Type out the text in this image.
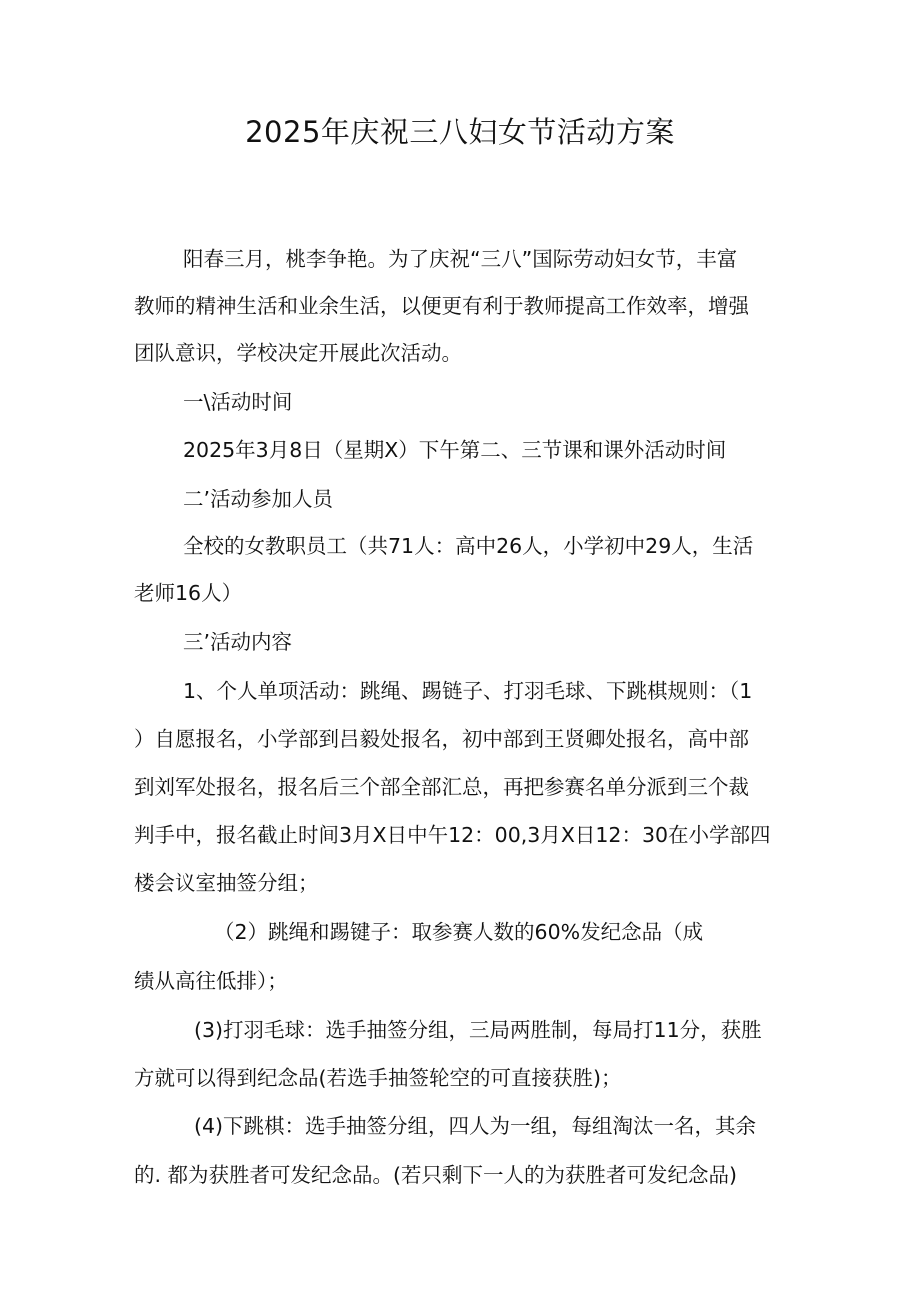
2025年庆祝三八妇女节活动方案
阳春三月，桃李争艳。为了庆祝“三八”国际劳动妇女节，丰富
教师的精神生活和业余生活，以便更有利于教师提高工作效率，增强
团队意识，学校决定开展此次活动。
一\活动时间
2025年3月8日（星期X）下午第二、三节课和课外活动时间
二’活动参加人员
全校的女教职员工（共71人：高中26人，小学初中29人，生活
老师16人）
三’活动内容
1、个人单项活动：跳绳、踢链子、打羽毛球、下跳棋规则：（1
）自愿报名，小学部到吕毅处报名，初中部到王贤卿处报名，高中部
到刘军处报名，报名后三个部全部汇总，再把参赛名单分派到三个裁
判手中，报名截止时间3月X日中午12：00,3月X日12：30在小学部四
楼会议室抽签分组；
（2）跳绳和踢键子：取参赛人数的60%发纪念品（成
绩从高往低排）；
(3)打羽毛球：选手抽签分组，三局两胜制，每局打11分，获胜
方就可以得到纪念品(若选手抽签轮空的可直接获胜)；
(4)下跳棋：选手抽签分组，四人为一组，每组淘汰一名，其余
的. 都为获胜者可发纪念品。(若只剩下一人的为获胜者可发纪念品)
